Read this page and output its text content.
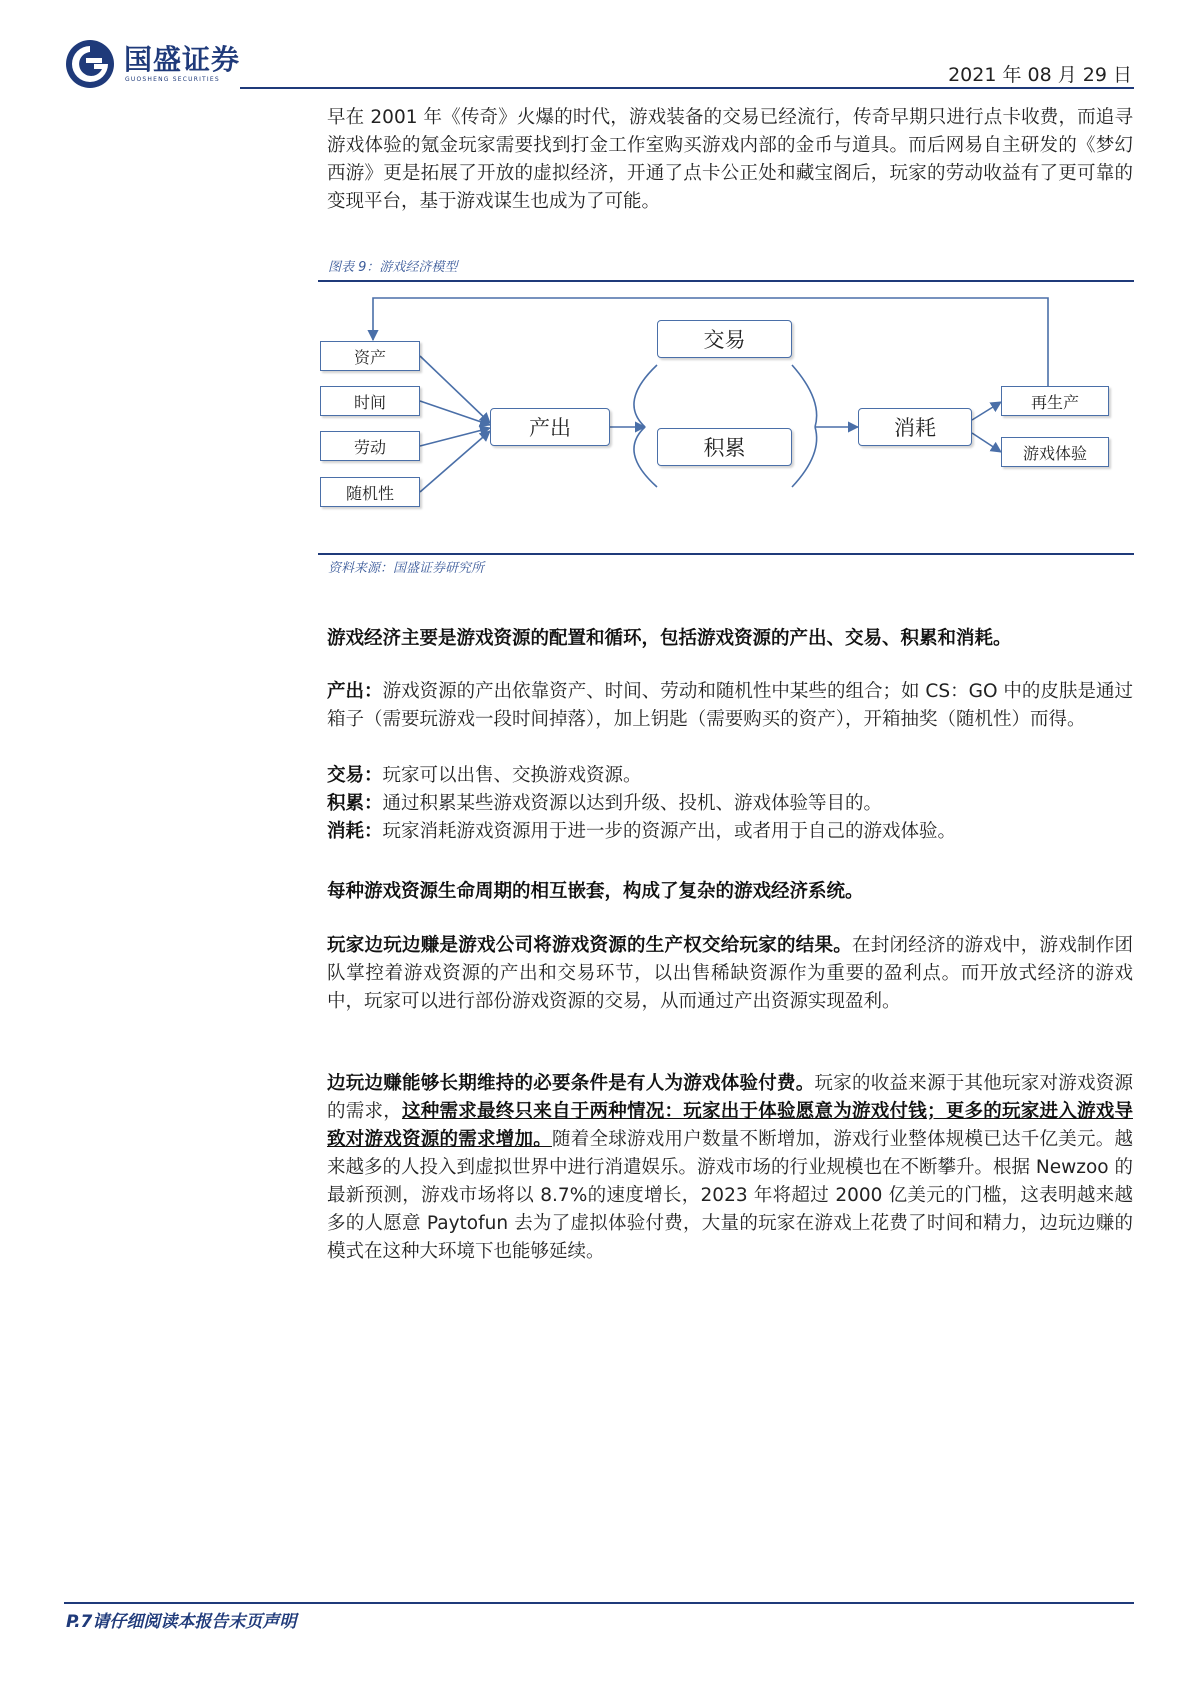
国盛证券
GUOSHENG SECURITIES	2021 年 08 月 29 日
早在 2001 年《传奇》火爆的时代，游戏装备的交易已经流行，传奇早期只进行点卡收费，而追寻游戏体验的氪金玩家需要找到打金工作室购买游戏内部的金币与道具。而后网易自主研发的《梦幻西游》更是拓展了开放的虚拟经济，开通了点卡公正处和藏宝阁后，玩家的劳动收益有了更可靠的变现平台，基于游戏谋生也成为了可能。
图表 9：游戏经济模型
资产
时间
劳动
随机性
产出
交易
积累
消耗
再生产
游戏体验
资料来源：国盛证券研究所
游戏经济主要是游戏资源的配置和循环，包括游戏资源的产出、交易、积累和消耗。
产出：游戏资源的产出依靠资产、时间、劳动和随机性中某些的组合；如 CS：GO 中的皮肤是通过箱子（需要玩游戏一段时间掉落），加上钥匙（需要购买的资产），开箱抽奖（随机性）而得。
交易：玩家可以出售、交换游戏资源。
积累：通过积累某些游戏资源以达到升级、投机、游戏体验等目的。
消耗：玩家消耗游戏资源用于进一步的资源产出，或者用于自己的游戏体验。
每种游戏资源生命周期的相互嵌套，构成了复杂的游戏经济系统。
玩家边玩边赚是游戏公司将游戏资源的生产权交给玩家的结果。在封闭经济的游戏中，游戏制作团队掌控着游戏资源的产出和交易环节，以出售稀缺资源作为重要的盈利点。而开放式经济的游戏中，玩家可以进行部份游戏资源的交易，从而通过产出资源实现盈利。
边玩边赚能够长期维持的必要条件是有人为游戏体验付费。玩家的收益来源于其他玩家对游戏资源的需求，这种需求最终只来自于两种情况：玩家出于体验愿意为游戏付钱；更多的玩家进入游戏导致对游戏资源的需求增加。随着全球游戏用户数量不断增加，游戏行业整体规模已达千亿美元。越来越多的人投入到虚拟世界中进行消遣娱乐。游戏市场的行业规模也在不断攀升。根据 Newzoo 的最新预测，游戏市场将以 8.7%的速度增长，2023 年将超过 2000 亿美元的门槛，这表明越来越多的人愿意 Paytofun 去为了虚拟体验付费，大量的玩家在游戏上花费了时间和精力，边玩边赚的模式在这种大环境下也能够延续。
P.7请仔细阅读本报告末页声明
